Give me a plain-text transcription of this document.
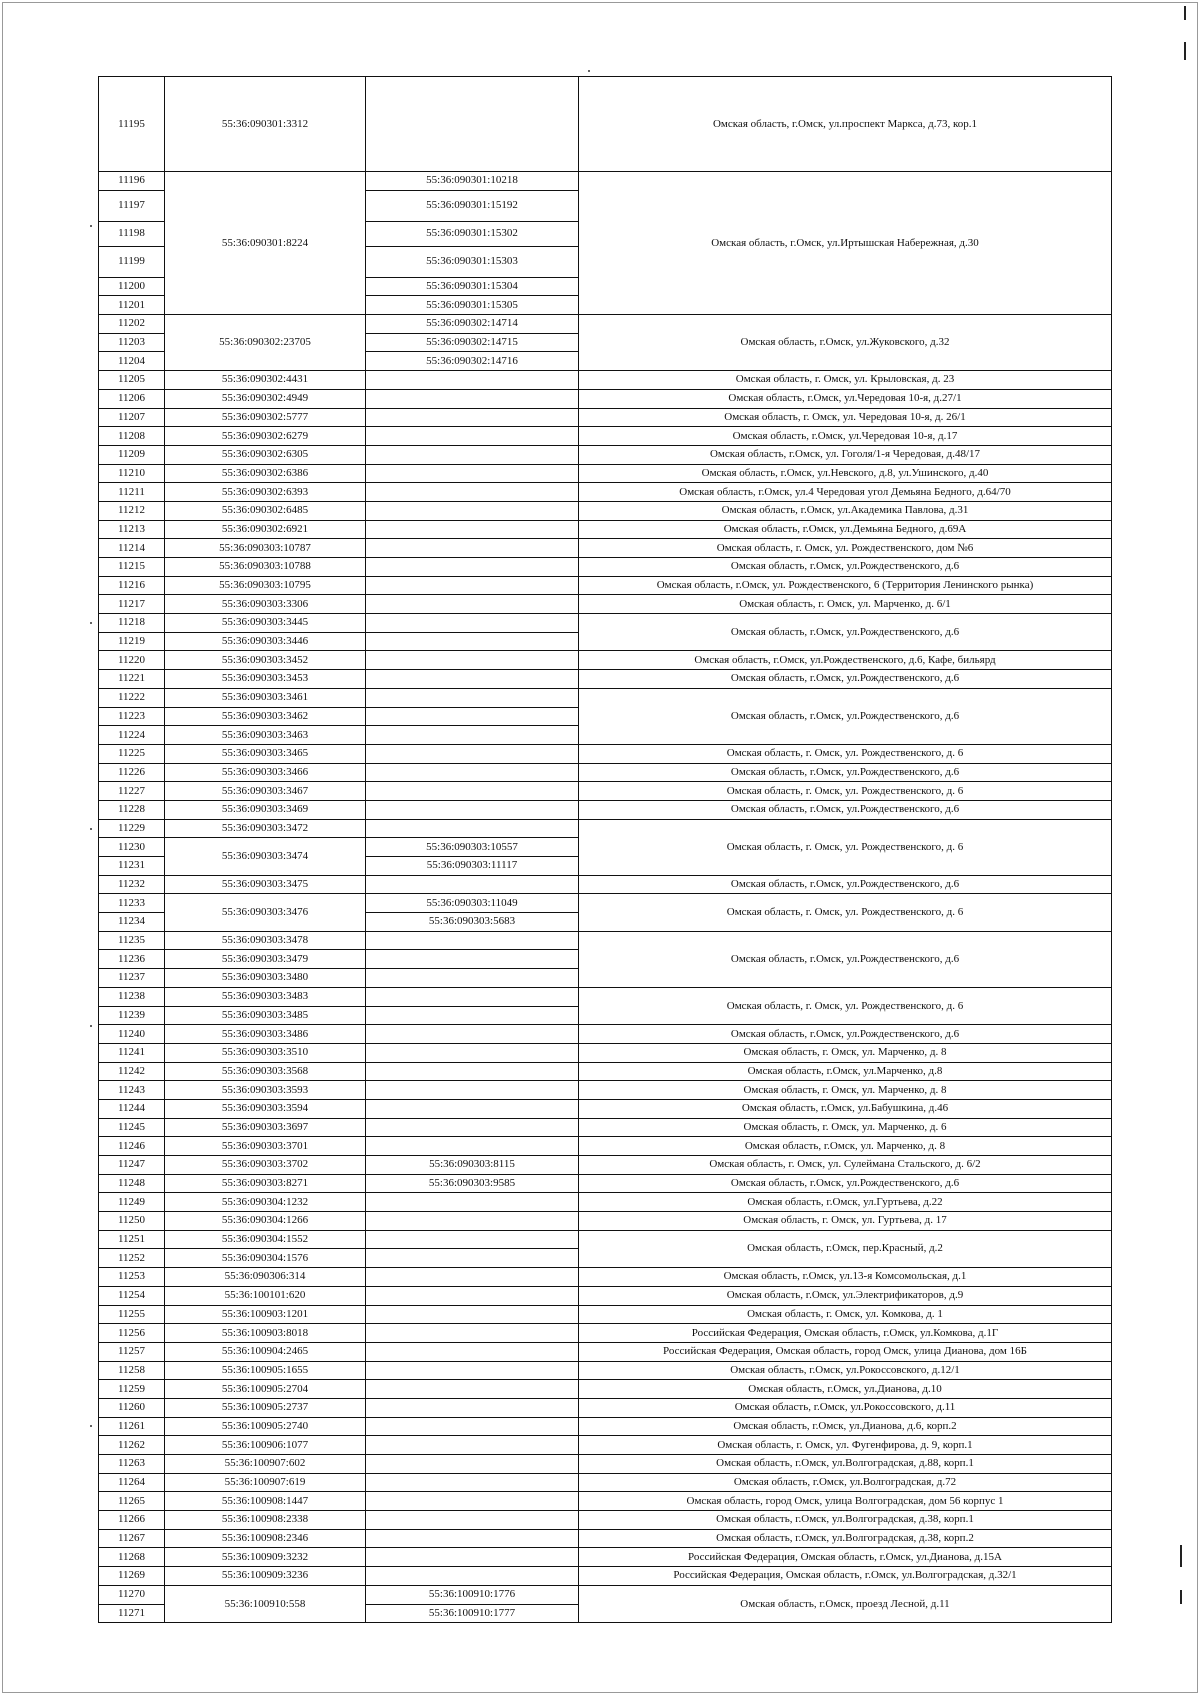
11195	55:36:090301:3312		Омская область, г.Омск, ул.проспект Маркса, д.73, кор.1
11196	55:36:090301:8224	55:36:090301:10218	Омская область, г.Омск, ул.Иртышская Набережная, д.30
11197		55:36:090301:15192	
11198		55:36:090301:15302	
11199		55:36:090301:15303	
11200		55:36:090301:15304	
11201		55:36:090301:15305	
11202	55:36:090302:23705	55:36:090302:14714	Омская область, г.Омск, ул.Жуковского, д.32
11203		55:36:090302:14715	
11204		55:36:090302:14716	
11205	55:36:090302:4431		Омская область, г. Омск, ул. Крыловская, д. 23
11206	55:36:090302:4949		Омская область, г.Омск, ул.Чередовая 10-я, д.27/1
11207	55:36:090302:5777		Омская область, г. Омск, ул. Чередовая 10-я, д. 26/1
11208	55:36:090302:6279		Омская область, г.Омск, ул.Чередовая 10-я, д.17
11209	55:36:090302:6305		Омская область, г.Омск, ул. Гоголя/1-я Чередовая, д.48/17
11210	55:36:090302:6386		Омская область, г.Омск, ул.Невского, д.8, ул.Ушинского, д.40
11211	55:36:090302:6393		Омская область, г.Омск, ул.4 Чередовая угол Демьяна Бедного, д.64/70
11212	55:36:090302:6485		Омская область, г.Омск, ул.Академика Павлова, д.31
11213	55:36:090302:6921		Омская область, г.Омск, ул.Демьяна Бедного, д.69А
11214	55:36:090303:10787		Омская область, г. Омск, ул. Рождественского, дом №6
11215	55:36:090303:10788		Омская область, г.Омск, ул.Рождественского, д.6
11216	55:36:090303:10795		Омская область, г.Омск, ул. Рождественского, 6 (Территория Ленинского рынка)
11217	55:36:090303:3306		Омская область, г. Омск, ул. Марченко, д. 6/1
11218	55:36:090303:3445		Омская область, г.Омск, ул.Рождественского, д.6
11219	55:36:090303:3446		
11220	55:36:090303:3452		Омская область, г.Омск, ул.Рождественского, д.6, Кафе, бильярд
11221	55:36:090303:3453		Омская область, г.Омск, ул.Рождественского, д.6
11222	55:36:090303:3461		Омская область, г.Омск, ул.Рождественского, д.6
11223	55:36:090303:3462		
11224	55:36:090303:3463		
11225	55:36:090303:3465		Омская область, г. Омск, ул. Рождественского, д. 6
11226	55:36:090303:3466		Омская область, г.Омск, ул.Рождественского, д.6
11227	55:36:090303:3467		Омская область, г. Омск, ул. Рождественского, д. 6
11228	55:36:090303:3469		Омская область, г.Омск, ул.Рождественского, д.6
11229	55:36:090303:3472		Омская область, г. Омск, ул. Рождественского, д. 6
11230	55:36:090303:3474	55:36:090303:10557	
11231		55:36:090303:11117	
11232	55:36:090303:3475		Омская область, г.Омск, ул.Рождественского, д.6
11233	55:36:090303:3476	55:36:090303:11049	Омская область, г. Омск, ул. Рождественского, д. 6
11234		55:36:090303:5683	
11235	55:36:090303:3478		Омская область, г.Омск, ул.Рождественского, д.6
11236	55:36:090303:3479		
11237	55:36:090303:3480		
11238	55:36:090303:3483		Омская область, г. Омск, ул. Рождественского, д. 6
11239	55:36:090303:3485		
11240	55:36:090303:3486		Омская область, г.Омск, ул.Рождественского, д.6
11241	55:36:090303:3510		Омская область, г. Омск, ул. Марченко, д. 8
11242	55:36:090303:3568		Омская область, г.Омск, ул.Марченко, д.8
11243	55:36:090303:3593		Омская область, г. Омск, ул. Марченко, д. 8
11244	55:36:090303:3594		Омская область, г.Омск, ул.Бабушкина, д.46
11245	55:36:090303:3697		Омская область, г. Омск, ул. Марченко, д. 6
11246	55:36:090303:3701		Омская область, г.Омск, ул. Марченко, д. 8
11247	55:36:090303:3702	55:36:090303:8115	Омская область, г. Омск, ул. Сулеймана Стальского, д. 6/2
11248	55:36:090303:8271	55:36:090303:9585	Омская область, г.Омск, ул.Рождественского, д.6
11249	55:36:090304:1232		Омская область, г.Омск, ул.Гуртьева, д.22
11250	55:36:090304:1266		Омская область, г. Омск, ул. Гуртьева, д. 17
11251	55:36:090304:1552		Омская область, г.Омск, пер.Красный, д.2
11252	55:36:090304:1576		
11253	55:36:090306:314		Омская область, г.Омск, ул.13-я Комсомольская, д.1
11254	55:36:100101:620		Омская область, г.Омск, ул.Электрификаторов, д.9
11255	55:36:100903:1201		Омская область, г. Омск, ул. Комкова, д. 1
11256	55:36:100903:8018		Российская Федерация, Омская область, г.Омск, ул.Комкова, д.1Г
11257	55:36:100904:2465		Российская Федерация, Омская область, город Омск, улица Дианова, дом 16Б
11258	55:36:100905:1655		Омская область, г.Омск, ул.Рокоссовского, д.12/1
11259	55:36:100905:2704		Омская область, г.Омск, ул.Дианова, д.10
11260	55:36:100905:2737		Омская область, г.Омск, ул.Рокоссовского, д.11
11261	55:36:100905:2740		Омская область, г.Омск, ул.Дианова, д.6, корп.2
11262	55:36:100906:1077		Омская область, г. Омск, ул. Фугенфирова, д. 9, корп.1
11263	55:36:100907:602		Омская область, г.Омск, ул.Волгоградская, д.88, корп.1
11264	55:36:100907:619		Омская область, г.Омск, ул.Волгоградская, д.72
11265	55:36:100908:1447		Омская область, город Омск, улица Волгоградская, дом 56 корпус 1
11266	55:36:100908:2338		Омская область, г.Омск, ул.Волгоградская, д.38, корп.1
11267	55:36:100908:2346		Омская область, г.Омск, ул.Волгоградская, д.38, корп.2
11268	55:36:100909:3232		Российская Федерация, Омская область, г.Омск, ул.Дианова, д.15А
11269	55:36:100909:3236		Российская Федерация, Омская область, г.Омск, ул.Волгоградская, д.32/1
11270	55:36:100910:558	55:36:100910:1776	Омская область, г.Омск, проезд Лесной, д.11
11271		55:36:100910:1777	
